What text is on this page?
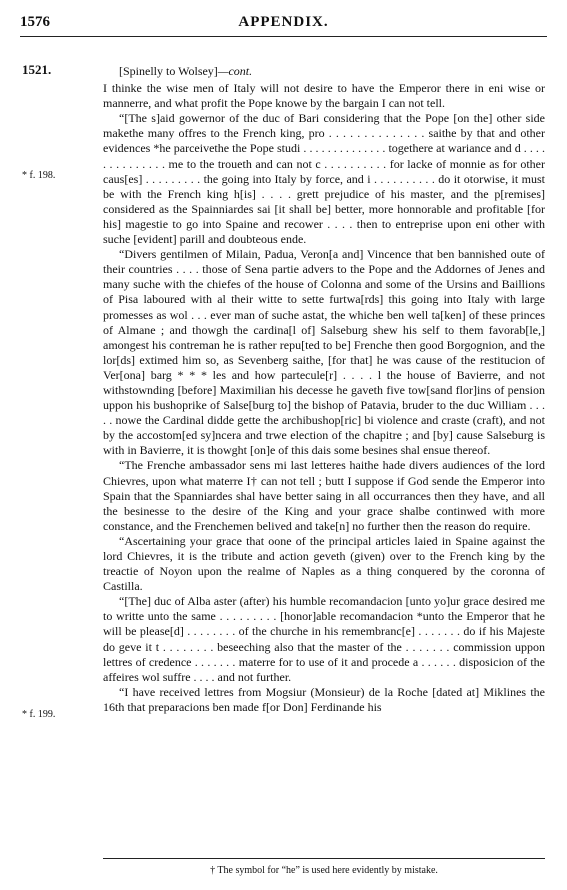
1576	APPENDIX.
1521.
* f. 198.
* f. 199.

[Spinelly to Wolsey]—cont.

I thinke the wise men of Italy will not desire to have the Emperor there in eni wise or mannerre, and what profit the Pope knowe by the bargain I can not tell.

“[The s]aid gowernor of the duc of Bari considering that the Pope [on the] other side makethe many offres to the French king, pro . . . . . . . . . . . . . . saithe by that and other evidences *he parceivethe the Pope studi . . . . . . . . . . . . . . togethere at wariance and d . . . . . . . . . . . . . . me to the troueth and can not c . . . . . . . . . . for lacke of monnie as for other caus[es] . . . . . . . . . the going into Italy by force, and i . . . . . . . . . . do it otorwise, it must be with the French king h[is] . . . . grett prejudice of his master, and the p[remises] considered as the Spainniardes sai [it shall be] better, more honnorable and profitable [for his] magestie to go into Spaine and recower . . . . then to entreprise upon eni other with suche [evident] parill and doubteous ende.

“Divers gentilmen of Milain, Padua, Veron[a and] Vincence that ben bannished oute of their countries . . . . those of Sena partie advers to the Pope and the Addornes of Jenes and many suche with the chiefes of the house of Colonna and some of the Ursins and Baillions of Pisa laboured with al their witte to sette furtwa[rds] this going into Italy with large promesses as wol . . . ever man of suche astat, the whiche ben well ta[ken] of these princes of Almane ; and thowgh the cardina[l of] Salseburg shew his self to them favorab[le,] amongest his contreman he is rather repu[ted to be] Frenche then good Borgognion, and the lor[ds] extimed him so, as Sevenberg saithe, [for that] he was cause of the restitucion of Ver[ona] barg * * * les and how partecule[r] . . . . l the house of Bavierre, and not withstownding [before] Maximilian his decesse he gaveth five tow[sand flor]ins of pension uppon his bushoprike of Salse[burg to] the bishop of Patavia, bruder to the duc William . . . . . nowe the Cardinal didde gette the archibushop[ric] bi violence and craste (craft), and not by the accostom[ed sy]ncera and trwe election of the chapitre ; and [by] cause Salseburg is with in Bavierre, it is thowght [on]e of this dais some besines shal ensue thereof.

“The Frenche ambassador sens mi last letteres haithe hade divers audiences of the lord Chievres, upon what materre I† can not tell ; butt I suppose if God sende the Emperor into Spain that the Spanniardes shal have better saing in all occurrances then they have, and all the besinesse to the desire of the King and your grace shalbe continwed with more constance, and the Frenchemen belived and take[n] no further then the reason do require.

“Ascertaining your grace that oone of the principal articles laied in Spaine against the lord Chievres, it is the tribute and action geveth (given) over to the French king by the treactie of Noyon upon the realme of Naples as a thing conquered by the coronna of Castilla.

“[The] duc of Alba aster (after) his humble recomandacion [unto yo]ur grace desired me to writte unto the same . . . . . . . . . [honor]able recomandacion *unto the Emperor that he will be please[d] . . . . . . . . of the churche in his remembranc[e] . . . . . . . do if his Majeste do geve it t . . . . . . . . beseeching also that the master of the . . . . . . . commission uppon lettres of credence . . . . . . . materre for to use of it and procede a . . . . . . disposicion of the affeires wol suffre . . . . and not further.

“I have received lettres from Mogsiur (Monsieur) de la Roche [dated at] Miklines the 16th that preparacions ben made f[or Don] Ferdinande his

† The symbol for “he” is used here evidently by mistake.
